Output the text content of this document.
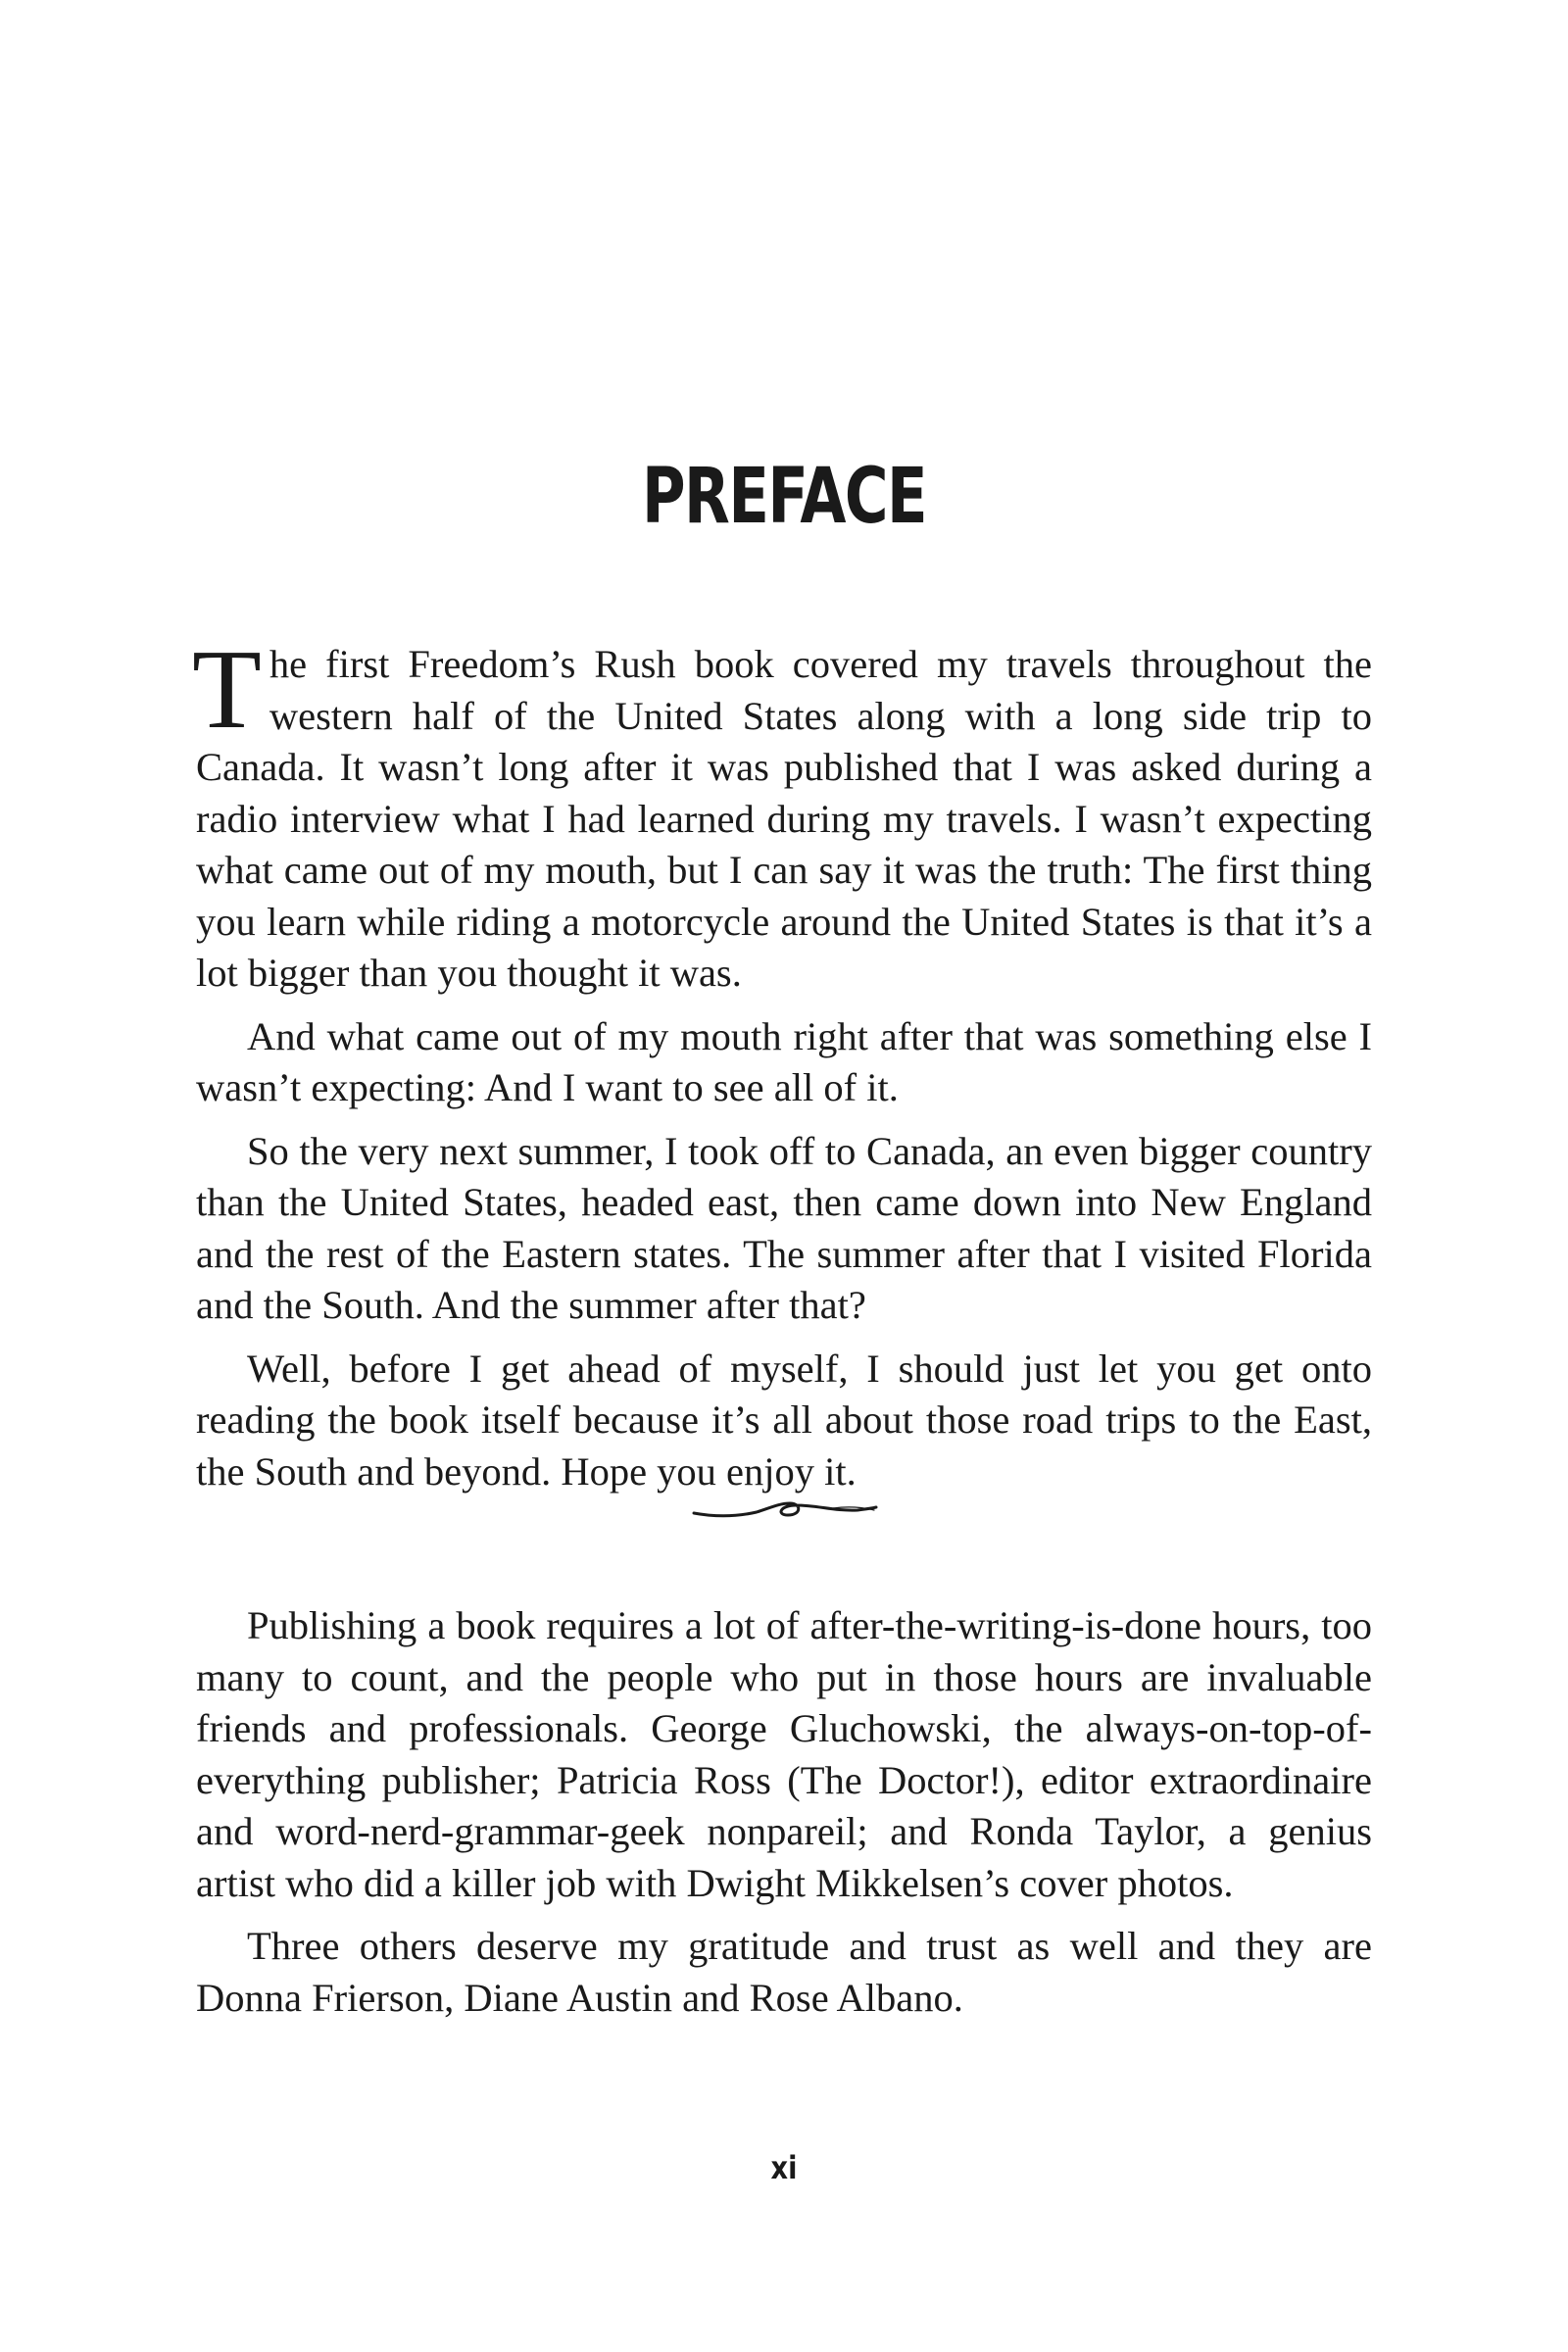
PREFACE

The first Freedom’s Rush book covered my travels throughout the western half of the United States along with a long side trip to Canada. It wasn’t long after it was published that I was asked during a radio interview what I had learned during my travels. I wasn’t expecting what came out of my mouth, but I can say it was the truth: The first thing you learn while riding a motorcycle around the United States is that it’s a lot bigger than you thought it was.

And what came out of my mouth right after that was something else I wasn’t expecting: And I want to see all of it.

So the very next summer, I took off to Canada, an even bigger country than the United States, headed east, then came down into New England and the rest of the Eastern states. The summer after that I visited Florida and the South. And the summer after that?

Well, before I get ahead of myself, I should just let you get onto reading the book itself because it’s all about those road trips to the East, the South and beyond. Hope you enjoy it.

Publishing a book requires a lot of after-the-writing-is-done hours, too many to count, and the people who put in those hours are invaluable friends and professionals. George Gluchowski, the always-on-top-of-everything publisher; Patricia Ross (The Doctor!), editor extraordinaire and word-nerd-grammar-geek nonpareil; and Ronda Taylor, a genius artist who did a killer job with Dwight Mikkelsen’s cover photos.

Three others deserve my gratitude and trust as well and they are Donna Frierson, Diane Austin and Rose Albano.

xi
